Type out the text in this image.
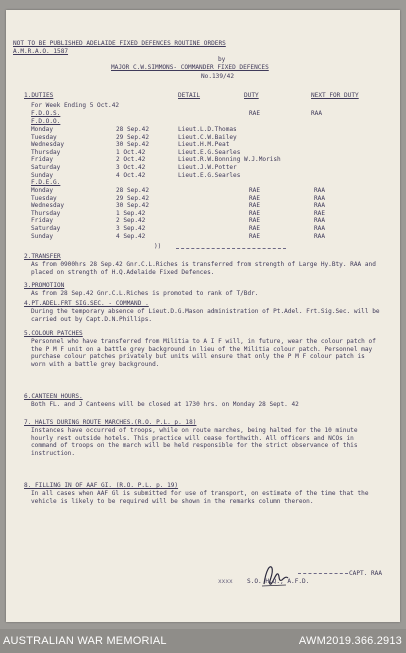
NOT TO BE PUBLISHED ADELAIDE FIXED DEFENCES ROUTINE ORDERS
A.M.R.A.O. 1587
by
MAJOR C.W.SIMMONS- COMMANDER FIXED DEFENCES
No.139/42
1.DUTIES	DETAIL	DUTY	NEXT FOR DUTY
For Week Ending 5 Oct.42
F.D.O.S.	RAE	RAA
F.D.O.O.
Monday	28 Sep.42	Lieut.L.D.Thomas
Tuesday	29 Sep.42	Lieut.C.W.Bailey
Wednesday	30 Sep.42	Lieut.H.M.Peat
Thursday	1 Oct.42	Lieut.E.G.Searles
Friday	2 Oct.42	Lieut.R.W.Bonning W.J.Morish
Saturday	3 Oct.42	Lieut.J.W.Potter
Sunday	4 Oct.42	Lieut.E.G.Searles
F.D.E.G.
Monday	28 Sep.42	RAE	RAA
Tuesday	29 Sep.42	RAE	RAA
Wednesday	30 Sep.42	RAE	RAA
Thursday	1 Sep.42	RAE	RAE
Friday	2 Sep.42	RAE	RAA
Saturday	3 Sep.42	RAE	RAA
Sunday	4 Sep.42	RAE	RAA
))
2.TRANSFER
As from 0900hrs 28 Sep.42 Gnr.C.L.Riches is transferred from strength of Large Hy.Bty. RAA and placed on strength of H.Q.Adelaide Fixed Defences.
3.PROMOTION
As from 28 Sep.42 Gnr.C.L.Riches is promoted to rank of T/Bdr.
4.PT.ADEL.FRT SIG.SEC. - COMMAND .
During the temporary absence of Lieut.D.G.Mason administration of Pt.Adel. Frt.Sig.Sec. will be carried out by Capt.D.N.Phillips.
5.COLOUR PATCHES
Personnel who have transferred from Militia to A I F will, in future, wear the colour patch of the P M F unit on a battle grey background in lieu of the Militia colour patch. Personnel may purchase colour patches privately but units will ensure that only the P M F colour patch is worn with a battle grey background.
6.CANTEEN HOURS.
Both FL. and J Canteens will be closed at 1730 hrs. on Monday 28 Sept. 42
7. HALTS DURING ROUTE MARCHES.(R.O. P.L. p. 18)
Instances have occurred of troops, while on route marches, being halted for the 10 minute hourly rest outside hotels. This practice will cease forthwith. All officers and NCOs in command of troops on the march will be held responsible for the strict observance of this instruction.
8. FILLING IN OF AAF GI. (R.O. P.L. p. 19)
In all cases when AAF Gl is submitted for use of transport, on estimate of the time that the vehicle is likely to be required will be shown in the remarks column thereon.
CAPT. RAA
xxxx S.O. H.Q., A.F.D.
AUSTRALIAN WAR MEMORIAL	AWM2019.366.2913
